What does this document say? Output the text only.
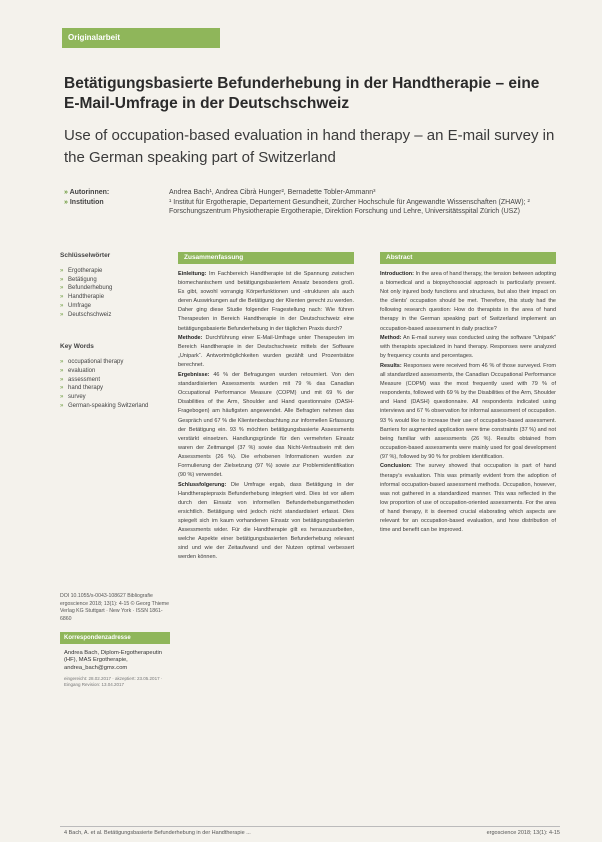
Originalarbeit
Betätigungsbasierte Befunderhebung in der Handtherapie – eine E-Mail-Umfrage in der Deutschschweiz
Use of occupation-based evaluation in hand therapy – an E-mail survey in the German speaking part of Switzerland
» Autorinnen:	Andrea Bach¹, Andrea Cibrà Hunger², Bernadette Tobler-Ammann³
» Institution	¹ Institut für Ergotherapie, Departement Gesundheit, Zürcher Hochschule für Angewandte Wissenschaften (ZHAW); ² Forschungszentrum Physiotherapie Ergotherapie, Direktion Forschung und Lehre, Universitätsspital Zürich (USZ)
Schlüsselwörter
» Ergotherapie
» Betätigung
» Befunderhebung
» Handtherapie
» Umfrage
» Deutschschweiz
Key Words
» occupational therapy
» evaluation
» assessment
» hand therapy
» survey
» German-speaking Switzerland
DOI 10.1055/s-0043-108627 Bibliografie ergoscience 2018; 13(1): 4-15 © Georg Thieme Verlag KG Stuttgart · New York · ISSN 1861-6860
Korrespondenzadresse
Andrea Bach, Diplom-Ergotherapeutin (HF), MAS Ergotherapie, andrea_bach@gmx.com
eingereicht: 28.02.2017 · akzeptiert: 23.05.2017 · Eingang Revision: 13.04.2017
Zusammenfassung

Einleitung: Im Fachbereich Handtherapie ist die Spannung zwischen biomechanischem und betätigungsbasiertem Ansatz besonders groß. Es gibt, sowohl vorrangig Körperfunktionen und -strukturen als auch deren Auswirkungen auf die Betätigung der Klienten gerecht zu werden. Daher ging diese Studie folgender Fragestellung nach: Wie führen Therapeuten in Bereich Handtherapie in der Deutschschweiz eine betätigungsbasierte Befunderhebung in der täglichen Praxis durch?

Methode: Durchführung einer E-Mail-Umfrage unter Therapeuten im Bereich Handtherapie in der Deutschschweiz mittels der Software „Unipark“. Antwortmöglichkeiten wurden gezählt und Prozentsätze berechnet.

Ergebnisse: 46 % der Befragungen wurden retourniert. Von den standardisierten Assessments wurden mit 79 % das Canadian Occupational Performance Measure (COPM) und mit 69 % der Disabilities of the Arm, Shoulder and Hand questionnaire (DASH-Fragebogen) am häufigsten angewendet. Alle Befragten nehmen das Gespräch und 67 % die Klientenbeobachtung zur informellen Erfassung der Betätigung ein. 93 % möchten betätigungsbasierte Assessments verstärkt einsetzen. Handlungsgründe für den vermehrten Einsatz waren der Zeitmangel (37 %) sowie das Nicht-Vertrautsein mit den Assessments (26 %). Die erhobenen Informationen wurden zur Formulierung der Zielsetzung (97 %) sowie zur Problemidentifikation (90 %) verwendet.

Schlussfolgerung: Die Umfrage ergab, dass Betätigung in der Handtherapiepraxis Befunderhebung integriert wird. Dies ist vor allem durch den Einsatz von informellen Befunderhebungsmethoden ersichtlich. Betätigung wird jedoch nicht standardisiert erfasst. Dies spiegelt sich im kaum vorhandenen Einsatz von betätigungsbasierten Assessments wider. Für die Handtherapie gilt es herauszuarbeiten, welche Aspekte einer betätigungsbasierten Befunderhebung relevant sind und wie der Zeitaufwand und der Nutzen optimal verbessert werden können.

Abstract

Introduction: In the area of hand therapy, the tension between adopting a biomedical and a biopsychosocial approach is particularly present. Not only injured body functions and structures, but also their impact on the clients' occupation should be met. Therefore, this study had the following research question: How do therapists in the area of hand therapy in the German speaking part of Switzerland implement an occupation-based assessment in daily practice?

Method: An E-mail survey was conducted using the software "Unipark" with therapists specialized in hand therapy. Responses were analyzed by frequency counts and percentages.

Results: Responses were received from 46 % of those surveyed. From all standardized assessments, the Canadian Occupational Performance Measure (COPM) was the most frequently used with 79 % of respondents, followed with 69 % by the Disabilities of the Arm, Shoulder and Hand (DASH) questionnaire. All respondents indicated using interviews and 67 % observation for informal assessment of occupation. 93 % would like to increase their use of occupation-based assessment. Barriers for augmented application were time constraints (37 %) and not being familiar with assessments (26 %). Results obtained from occupation-based assessments were mainly used for goal development (97 %), followed by 90 % for problem identification.

Conclusion: The survey showed that occupation is part of hand therapy's evaluation. This was primarily evident from the adoption of informal occupation-based assessment methods. Occupation, however, was not gathered in a standardized manner. This was reflected in the low proportion of use of occupation-oriented assessments. For the area of hand therapy, it is deemed crucial elaborating which aspects are relevant for an occupation-based evaluation, and how distribution of time and benefit can be improved.

4 Bach, A. et al. Betätigungsbasierte Befunderhebung in der Handtherapie ...	ergoscience 2018; 13(1): 4-15
